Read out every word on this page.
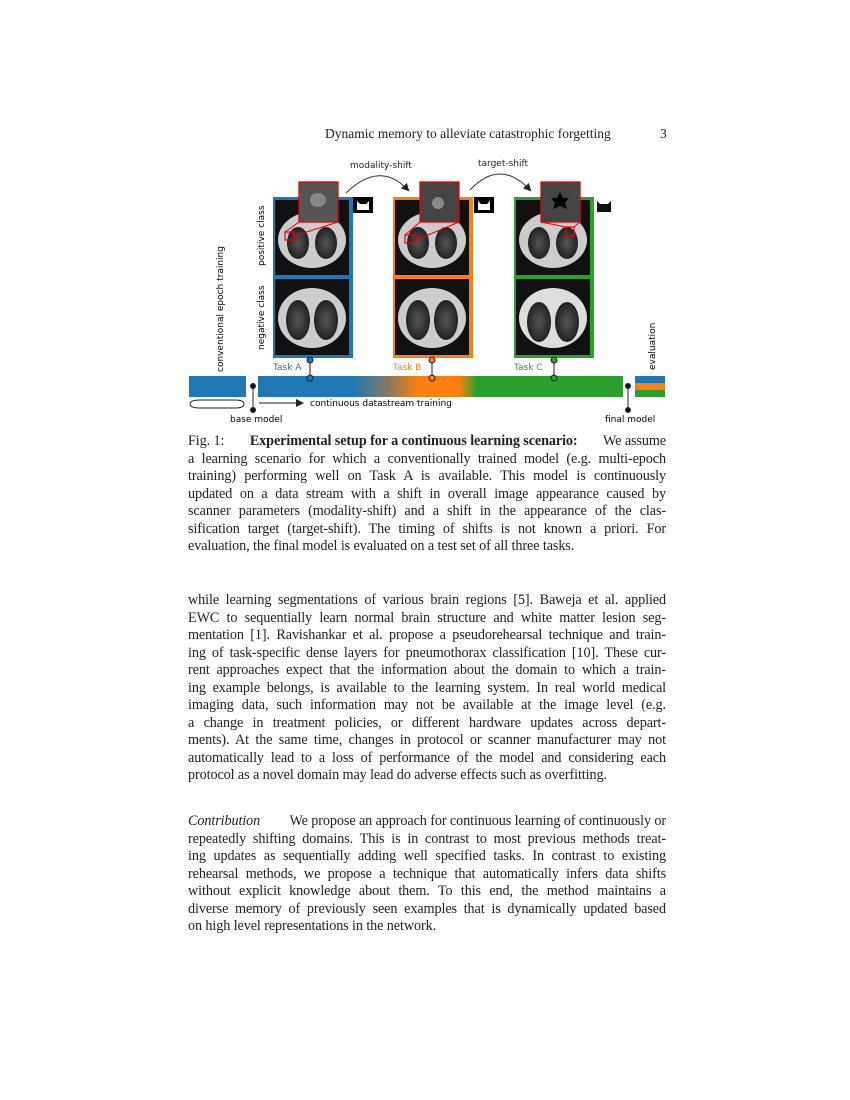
Dynamic memory to alleviate catastrophic forgetting	3
modality-shift	target-shift
conventional epoch training
positive class
negative class	evaluation
Task A	Task B	Task C
continuous datastream training
base model	final model
Fig. 1: Experimental setup for a continuous learning scenario: We assume
a learning scenario for which a conventionally trained model (e.g. multi-epoch
training) performing well on Task A is available. This model is continuously
updated on a data stream with a shift in overall image appearance caused by
scanner parameters (modality-shift) and a shift in the appearance of the clas-
sification target (target-shift). The timing of shifts is not known a priori. For
evaluation, the final model is evaluated on a test set of all three tasks.
while learning segmentations of various brain regions [5]. Baweja et al. applied
EWC to sequentially learn normal brain structure and white matter lesion seg-
mentation [1]. Ravishankar et al. propose a pseudorehearsal technique and train-
ing of task-specific dense layers for pneumothorax classification [10]. These cur-
rent approaches expect that the information about the domain to which a train-
ing example belongs, is available to the learning system. In real world medical
imaging data, such information may not be available at the image level (e.g.
a change in treatment policies, or different hardware updates across depart-
ments). At the same time, changes in protocol or scanner manufacturer may not
automatically lead to a loss of performance of the model and considering each
protocol as a novel domain may lead do adverse effects such as overfitting.
Contribution We propose an approach for continuous learning of continuously or
repeatedly shifting domains. This is in contrast to most previous methods treat-
ing updates as sequentially adding well specified tasks. In contrast to existing
rehearsal methods, we propose a technique that automatically infers data shifts
without explicit knowledge about them. To this end, the method maintains a
diverse memory of previously seen examples that is dynamically updated based
on high level representations in the network.
